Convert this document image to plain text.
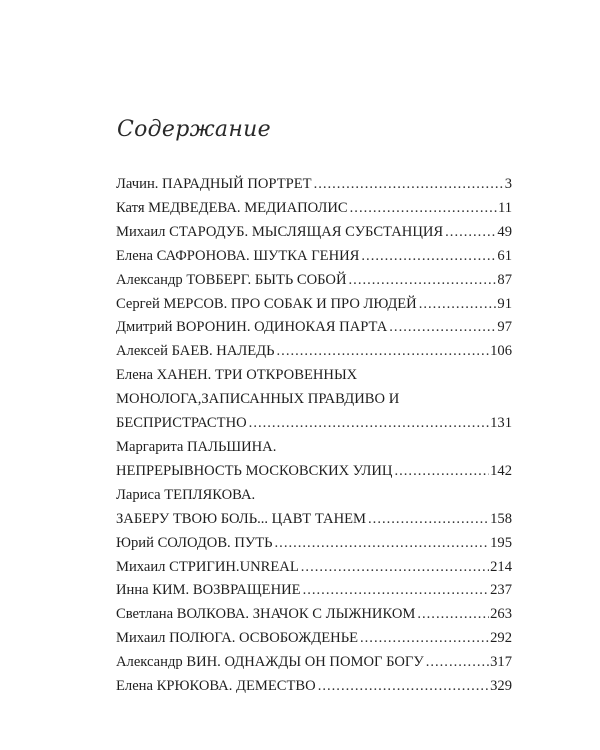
Содержание
Лачин. ПАРАДНЫЙ ПОРТРЕТ .....	3
Катя МЕДВЕДЕВА. МЕДИАПОЛИС .....	11
Михаил СТАРОДУБ. МЫСЛЯЩАЯ СУБСТАНЦИЯ .....	49
Елена САФРОНОВА. ШУТКА ГЕНИЯ .....	61
Александр ТОВБЕРГ. БЫТЬ СОБОЙ .....	87
Сергей МЕРСОВ. ПРО СОБАК И ПРО ЛЮДЕЙ .....	91
Дмитрий ВОРОНИН. ОДИНОКАЯ ПАРТА .....	97
Алексей БАЕВ. НАЛЕДЬ .....	106
Елена ХАНЕН. ТРИ ОТКРОВЕННЫХ
МОНОЛОГА,ЗАПИСАННЫХ ПРАВДИВО И
БЕСПРИСТРАСТНО .....	131
Маргарита ПАЛЬШИНА.
НЕПРЕРЫВНОСТЬ МОСКОВСКИХ УЛИЦ .....	142
Лариса ТЕПЛЯКОВА.
ЗАБЕРУ ТВОЮ БОЛЬ... ЦАВТ ТАНЕМ .....	158
Юрий СОЛОДОВ. ПУТЬ .....	195
Михаил СТРИГИН.UNREAL .....	214
Инна КИМ. ВОЗВРАЩЕНИЕ .....	237
Светлана ВОЛКОВА. ЗНАЧОК С ЛЫЖНИКОМ .....	263
Михаил ПОЛЮГА. ОСВОБОЖДЕНЬЕ .....	292
Александр ВИН. ОДНАЖДЫ ОН ПОМОГ БОГУ .....	317
Елена КРЮКОВА. ДЕМЕСТВО .....	329
